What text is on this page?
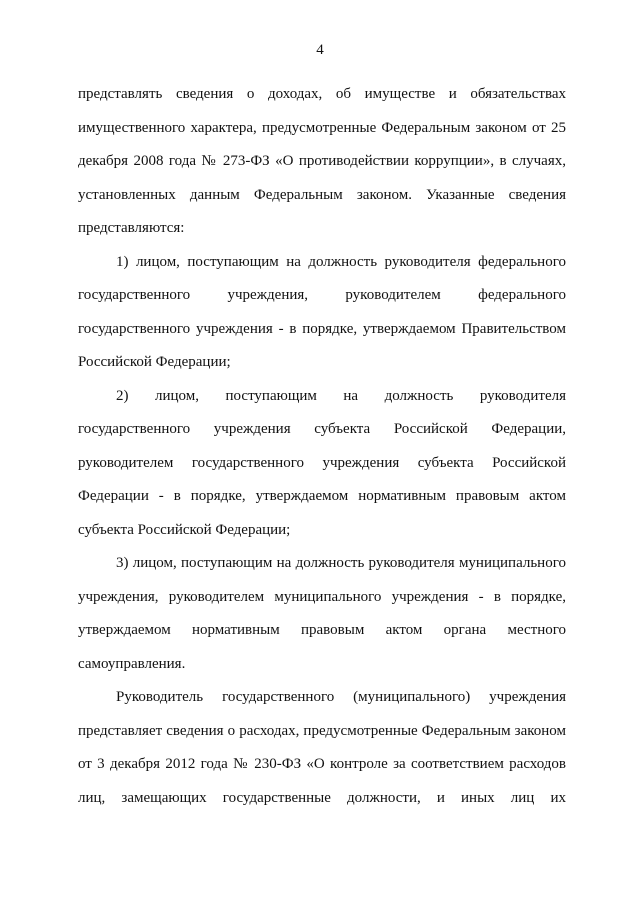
4

представлять сведения о доходах, об имуществе и обязательствах имущественного характера, предусмотренные Федеральным законом от 25 декабря 2008 года № 273-ФЗ «О противодействии коррупции», в случаях, установленных данным Федеральным законом. Указанные сведения представляются:

1) лицом, поступающим на должность руководителя федерального государственного учреждения, руководителем федерального государственного учреждения - в порядке, утверждаемом Правительством Российской Федерации;

2) лицом, поступающим на должность руководителя государственного учреждения субъекта Российской Федерации, руководителем государственного учреждения субъекта Российской Федерации - в порядке, утверждаемом нормативным правовым актом субъекта Российской Федерации;

3) лицом, поступающим на должность руководителя муниципального учреждения, руководителем муниципального учреждения - в порядке, утверждаемом нормативным правовым актом органа местного самоуправления.

Руководитель государственного (муниципального) учреждения представляет сведения о расходах, предусмотренные Федеральным законом от 3 декабря 2012 года № 230-ФЗ «О контроле за соответствием расходов лиц, замещающих государственные должности, и иных лиц их
